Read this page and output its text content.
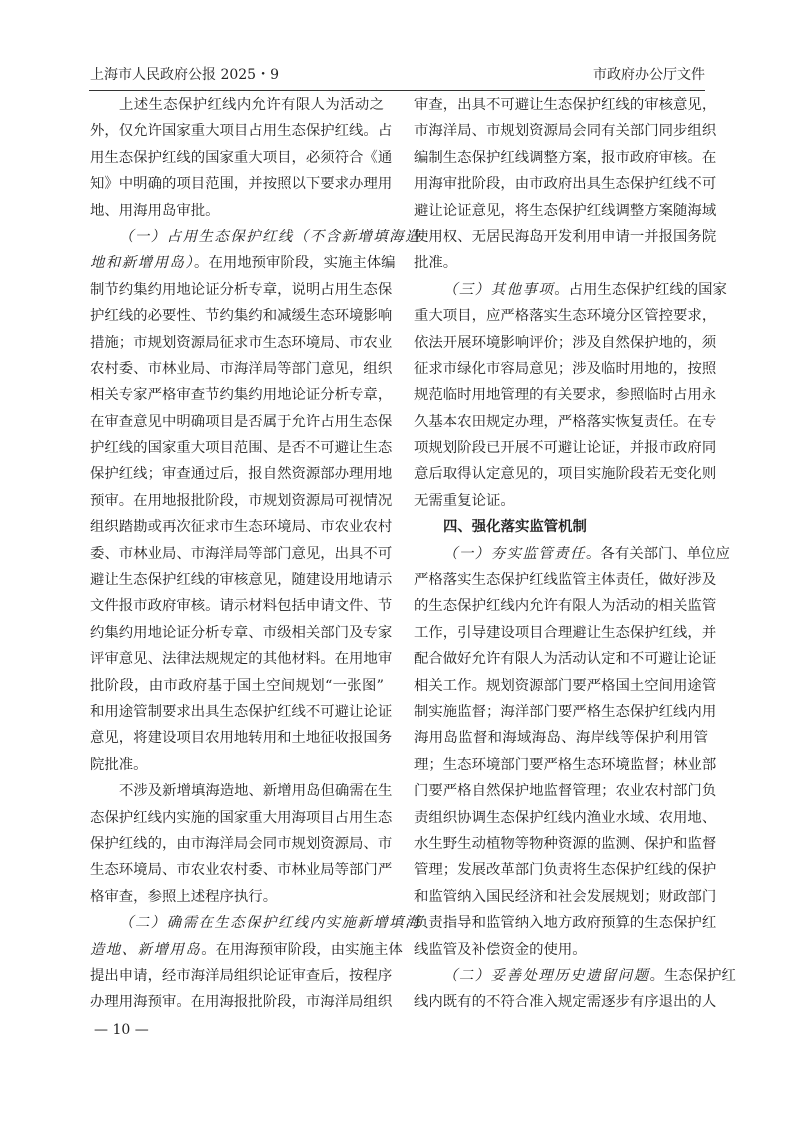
上海市人民政府公报 2025・9	市政府办公厅文件
上述生态保护红线内允许有限人为活动之
外，仅允许国家重大项目占用生态保护红线。占
用生态保护红线的国家重大项目，必须符合《通
知》中明确的项目范围，并按照以下要求办理用
地、用海用岛审批。
（一）占用生态保护红线（不含新增填海造
地和新增用岛）。在用地预审阶段，实施主体编
制节约集约用地论证分析专章，说明占用生态保
护红线的必要性、节约集约和减缓生态环境影响
措施；市规划资源局征求市生态环境局、市农业
农村委、市林业局、市海洋局等部门意见，组织
相关专家严格审查节约集约用地论证分析专章，
在审查意见中明确项目是否属于允许占用生态保
护红线的国家重大项目范围、是否不可避让生态
保护红线；审查通过后，报自然资源部办理用地
预审。在用地报批阶段，市规划资源局可视情况
组织踏勘或再次征求市生态环境局、市农业农村
委、市林业局、市海洋局等部门意见，出具不可
避让生态保护红线的审核意见，随建设用地请示
文件报市政府审核。请示材料包括申请文件、节
约集约用地论证分析专章、市级相关部门及专家
评审意见、法律法规规定的其他材料。在用地审
批阶段，由市政府基于国土空间规划“一张图”
和用途管制要求出具生态保护红线不可避让论证
意见，将建设项目农用地转用和土地征收报国务
院批准。
不涉及新增填海造地、新增用岛但确需在生
态保护红线内实施的国家重大用海项目占用生态
保护红线的，由市海洋局会同市规划资源局、市
生态环境局、市农业农村委、市林业局等部门严
格审查，参照上述程序执行。
（二）确需在生态保护红线内实施新增填海
造地、新增用岛。在用海预审阶段，由实施主体
提出申请，经市海洋局组织论证审查后，按程序
办理用海预审。在用海报批阶段，市海洋局组织
审查，出具不可避让生态保护红线的审核意见，
市海洋局、市规划资源局会同有关部门同步组织
编制生态保护红线调整方案，报市政府审核。在
用海审批阶段，由市政府出具生态保护红线不可
避让论证意见，将生态保护红线调整方案随海域
使用权、无居民海岛开发利用申请一并报国务院
批准。
（三）其他事项。占用生态保护红线的国家
重大项目，应严格落实生态环境分区管控要求，
依法开展环境影响评价；涉及自然保护地的，须
征求市绿化市容局意见；涉及临时用地的，按照
规范临时用地管理的有关要求，参照临时占用永
久基本农田规定办理，严格落实恢复责任。在专
项规划阶段已开展不可避让论证，并报市政府同
意后取得认定意见的，项目实施阶段若无变化则
无需重复论证。
四、强化落实监管机制
（一）夯实监管责任。各有关部门、单位应
严格落实生态保护红线监管主体责任，做好涉及
的生态保护红线内允许有限人为活动的相关监管
工作，引导建设项目合理避让生态保护红线，并
配合做好允许有限人为活动认定和不可避让论证
相关工作。规划资源部门要严格国土空间用途管
制实施监督；海洋部门要严格生态保护红线内用
海用岛监督和海域海岛、海岸线等保护利用管
理；生态环境部门要严格生态环境监督；林业部
门要严格自然保护地监督管理；农业农村部门负
责组织协调生态保护红线内渔业水域、农用地、
水生野生动植物等物种资源的监测、保护和监督
管理；发展改革部门负责将生态保护红线的保护
和监管纳入国民经济和社会发展规划；财政部门
负责指导和监管纳入地方政府预算的生态保护红
线监管及补偿资金的使用。
（二）妥善处理历史遗留问题。生态保护红
线内既有的不符合准入规定需逐步有序退出的人
— 10 —
